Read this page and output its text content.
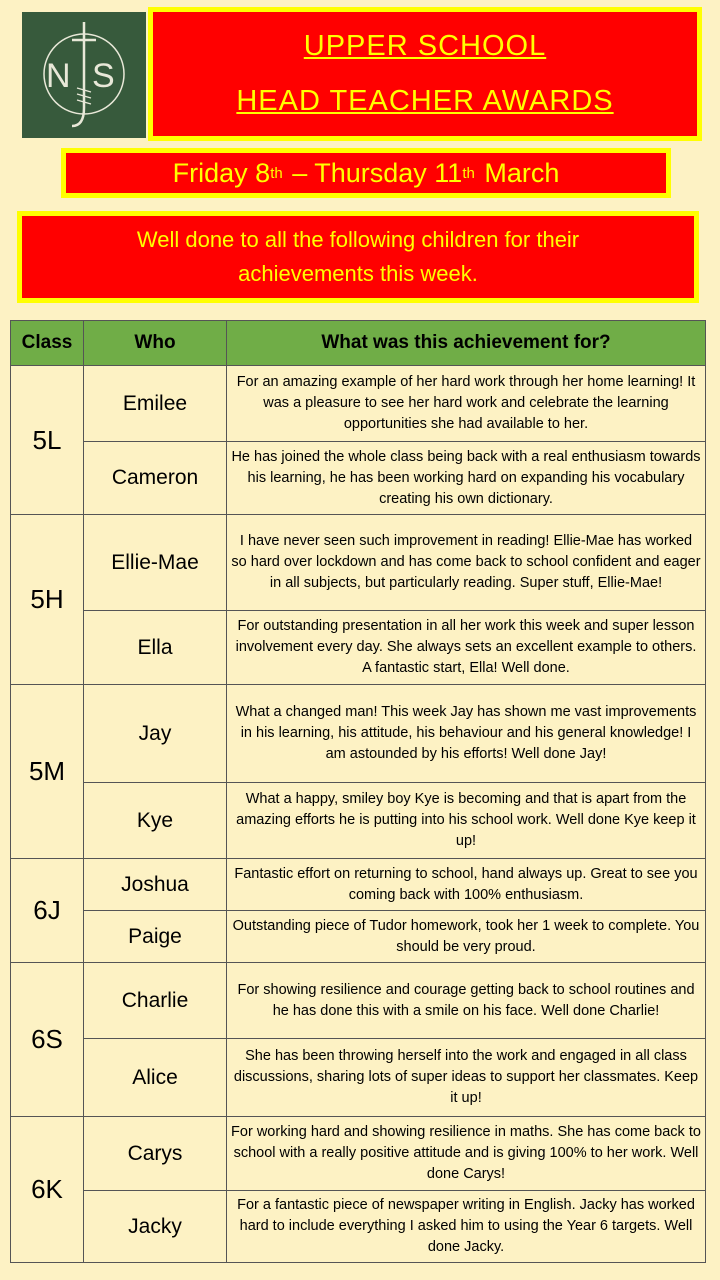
N S
UPPER SCHOOL
HEAD TEACHER AWARDS
Friday 8 th – Thursday 11 th March
Well done to all the following children for their achievements this week.
Class	Who	What was this achievement for?
5L	Emilee	For an amazing example of her hard work through her home learning! It was a pleasure to see her hard work and celebrate the learning opportunities she had available to her.
	Cameron	He has joined the whole class being back with a real enthusiasm towards his learning, he has been working hard on expanding his vocabulary creating his own dictionary.
5H	Ellie-Mae	I have never seen such improvement in reading! Ellie-Mae has worked so hard over lockdown and has come back to school confident and eager in all subjects, but particularly reading. Super stuff, Ellie-Mae!
	Ella	For outstanding presentation in all her work this week and super lesson involvement every day. She always sets an excellent example to others. A fantastic start, Ella! Well done.
5M	Jay	What a changed man! This week Jay has shown me vast improvements in his learning, his attitude, his behaviour and his general knowledge! I am astounded by his efforts! Well done Jay!
	Kye	What a happy, smiley boy Kye is becoming and that is apart from the amazing efforts he is putting into his school work. Well done Kye keep it up!
6J	Joshua	Fantastic effort on returning to school, hand always up. Great to see you coming back with 100% enthusiasm.
	Paige	Outstanding piece of Tudor homework, took her 1 week to complete. You should be very proud.
6S	Charlie	For showing resilience and courage getting back to school routines and he has done this with a smile on his face. Well done Charlie!
	Alice	She has been throwing herself into the work and engaged in all class discussions, sharing lots of super ideas to support her classmates. Keep it up!
6K	Carys	For working hard and showing resilience in maths. She has come back to school with a really positive attitude and is giving 100% to her work. Well done Carys!
	Jacky	For a fantastic piece of newspaper writing in English. Jacky has worked hard to include everything I asked him to using the Year 6 targets. Well done Jacky.
